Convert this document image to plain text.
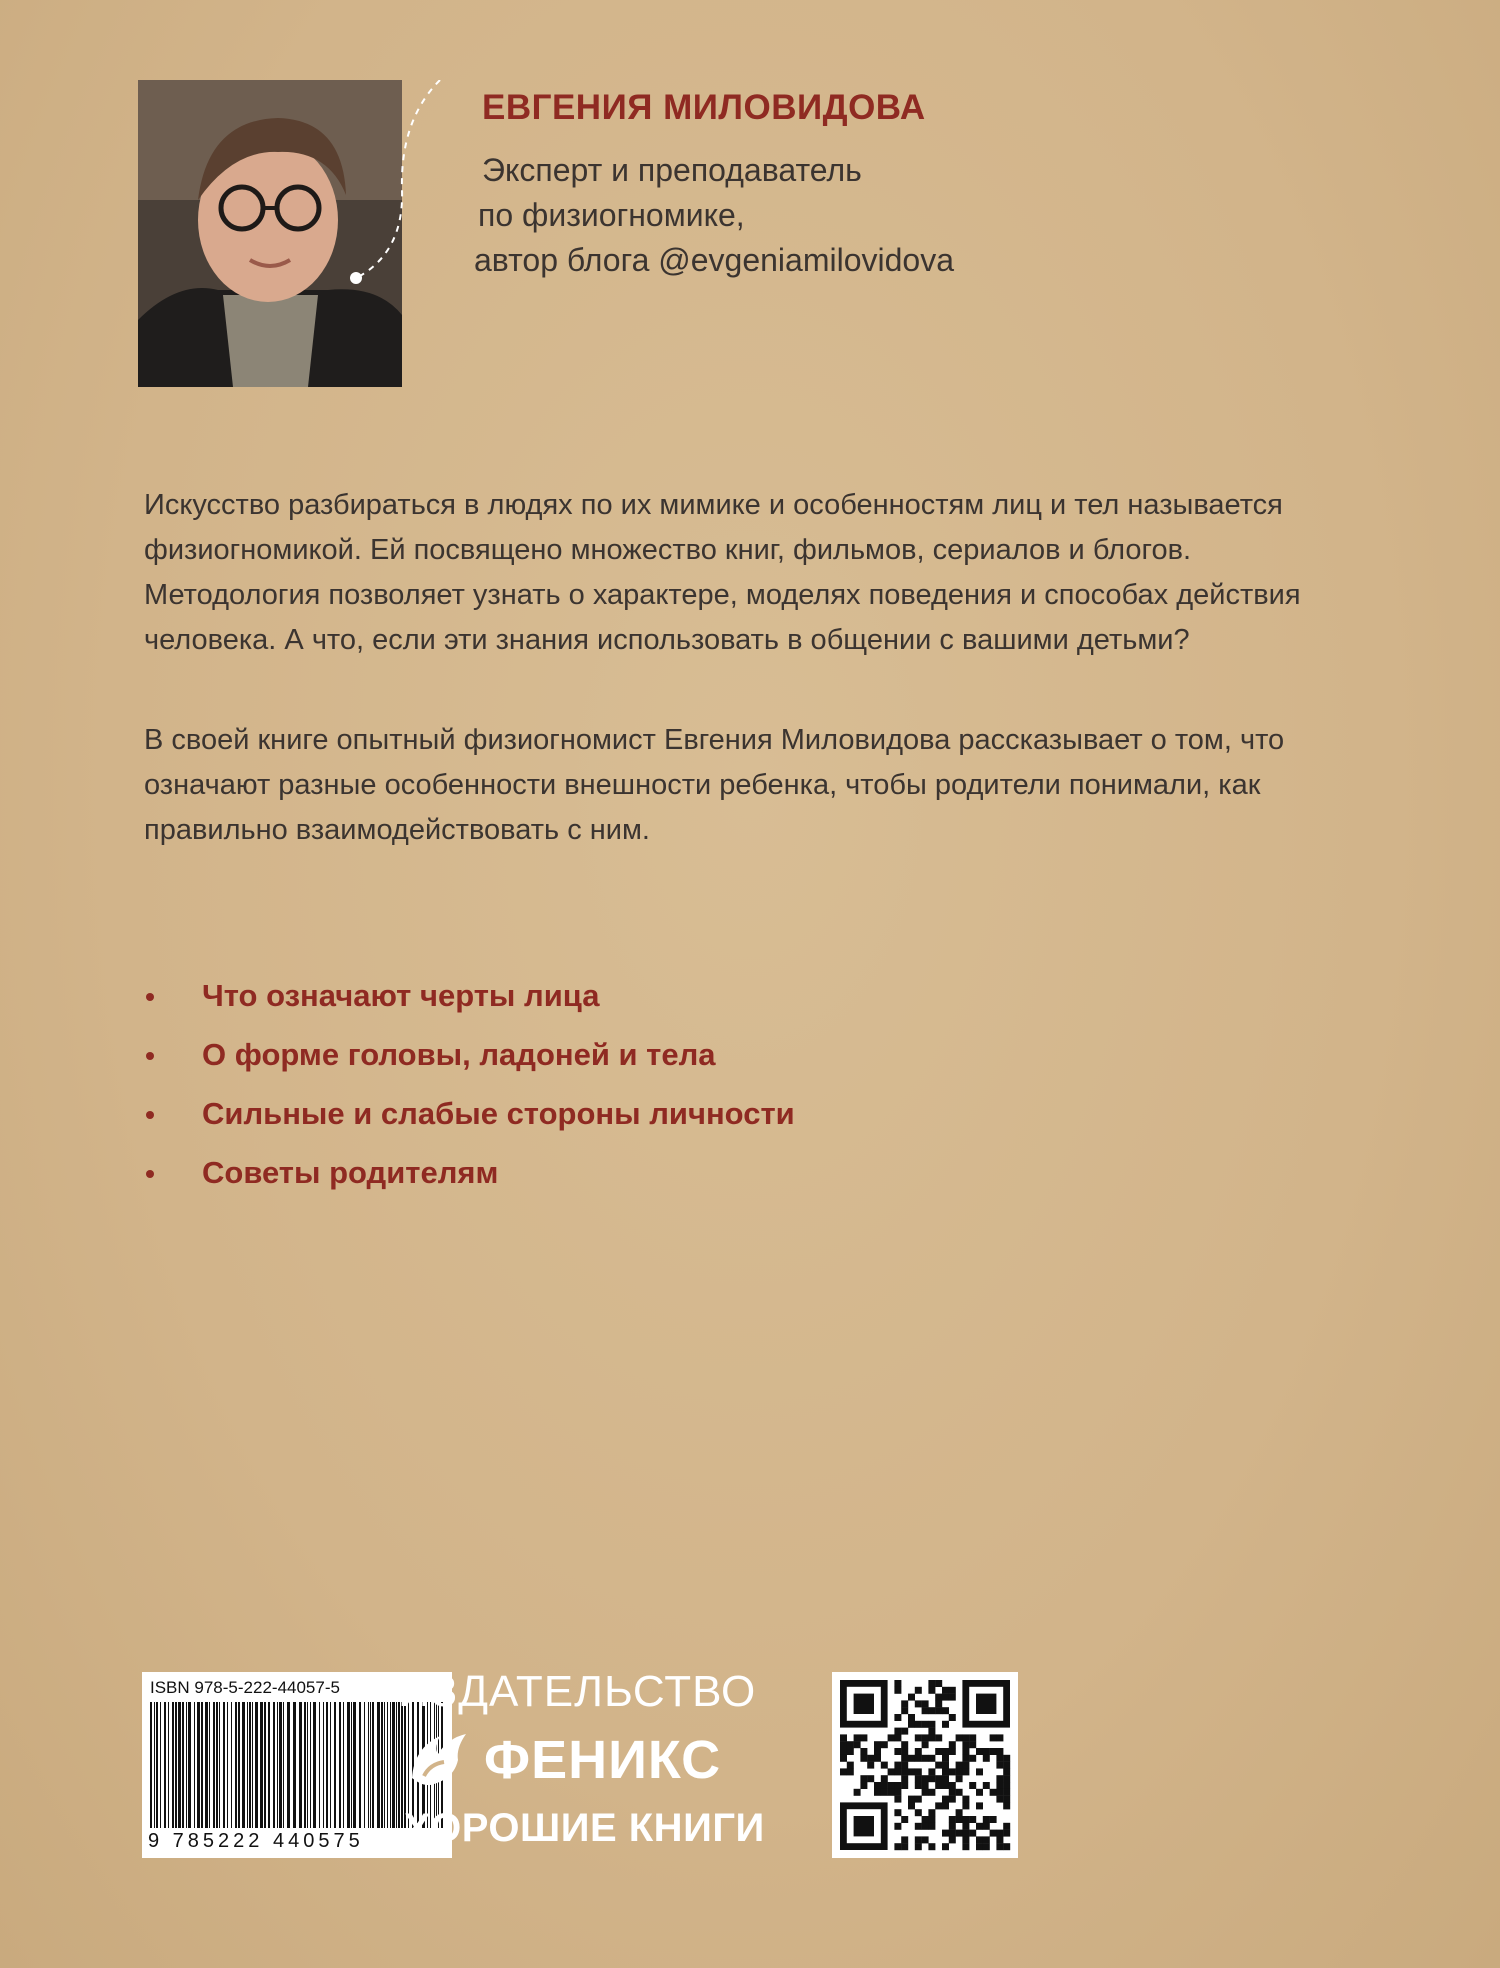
ЕВГЕНИЯ МИЛОВИДОВА
Эксперт и преподаватель
по физиогномике,
автор блога @evgeniamilovidova
Искусство разбираться в людях по их мимике и особенностям лиц и тел называется физиогномикой. Ей посвящено множество книг, фильмов, сериалов и блогов. Методология позволяет узнать о характере, моделях поведения и способах действия человека. А что, если эти знания использовать в общении с вашими детьми?
В своей книге опытный физиогномист Евгения Миловидова рассказывает о том, что означают разные особенности внешности ребенка, чтобы родители понимали, как правильно взаимодействовать с ним.
Что означают черты лица
О форме головы, ладоней и тела
Сильные и слабые стороны личности
Советы родителям
ISBN 978-5-222-44057-5
9 785222 440575
ИЗДАТЕЛЬСТВО
ФЕНИКС
ХОРОШИЕ КНИГИ
